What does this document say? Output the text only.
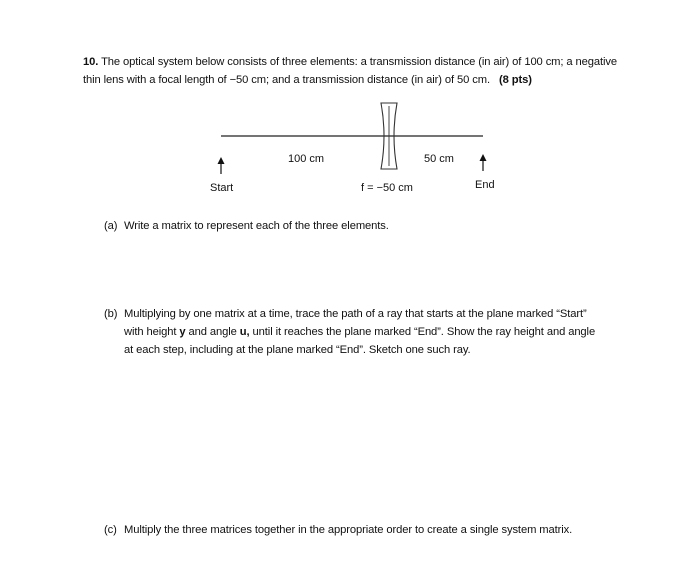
10. The optical system below consists of three elements: a transmission distance (in air) of 100 cm; a negative thin lens with a focal length of −50 cm; and a transmission distance (in air) of 50 cm. (8 pts)
100 cm	50 cm
f = −50 cm
Start	End
(a) Write a matrix to represent each of the three elements.
(b) Multiplying by one matrix at a time, trace the path of a ray that starts at the plane marked “Start” with height y and angle u, until it reaches the plane marked “End”. Show the ray height and angle at each step, including at the plane marked “End”. Sketch one such ray.
(c) Multiply the three matrices together in the appropriate order to create a single system matrix.
